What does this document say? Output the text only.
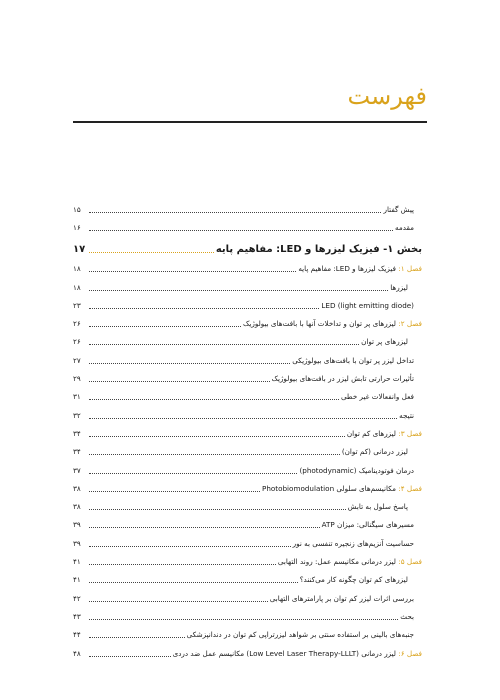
فهرست
پیش گفتار
۱۵
مقدمه
۱۶
بخش ۱- فیزیک لیزرها و LED: مفاهیم پایه
۱۷
فصل ۱: فیزیک لیزرها و LED: مفاهیم پایه
۱۸
لیزرها
۱۸
LED (light emitting diode)
۲۳
فصل ۲: لیزرهای پر توان و تداخلات آنها با بافت‌های بیولوژیک
۲۶
لیزرهای پر توان
۲۶
تداخل لیزر پر توان با بافت‌های بیولوژیکی
۲۷
تأثیرات حرارتی تابش لیزر در بافت‌های بیولوژیک
۲۹
فعل وانفعالات غیر خطی
۳۱
نتیجه
۳۲
فصل ۳: لیزرهای کم توان
۳۴
لیزر درمانی (کم توان)
۳۴
درمان فوتودینامیک (photodynamic)
۳۷
فصل ۴: مکانیسم‌های سلولی Photobiomodulation
۳۸
پاسخ سلول به تابش
۳۸
مسیرهای سیگنالی: میزان ATP
۳۹
حساسیت آنزیم‌های زنجیره تنفسی به نور
۳۹
فصل ۵: لیزر درمانی مکانیسم عمل: روند التهابی
۴۱
لیزرهای کم توان چگونه کار می‌کنند؟
۴۱
بررسی اثرات لیزر کم توان بر پارامترهای التهابی
۴۲
بحث
۴۳
جنبه‌های بالینی بر استفاده سنتی بر شواهد لیزرتراپی کم توان در دندانپزشکی
۴۴
فصل ۶: لیزر درمانی (Low Level Laser Therapy-LLLT) مکانیسم عمل ضد دردی
۴۸
